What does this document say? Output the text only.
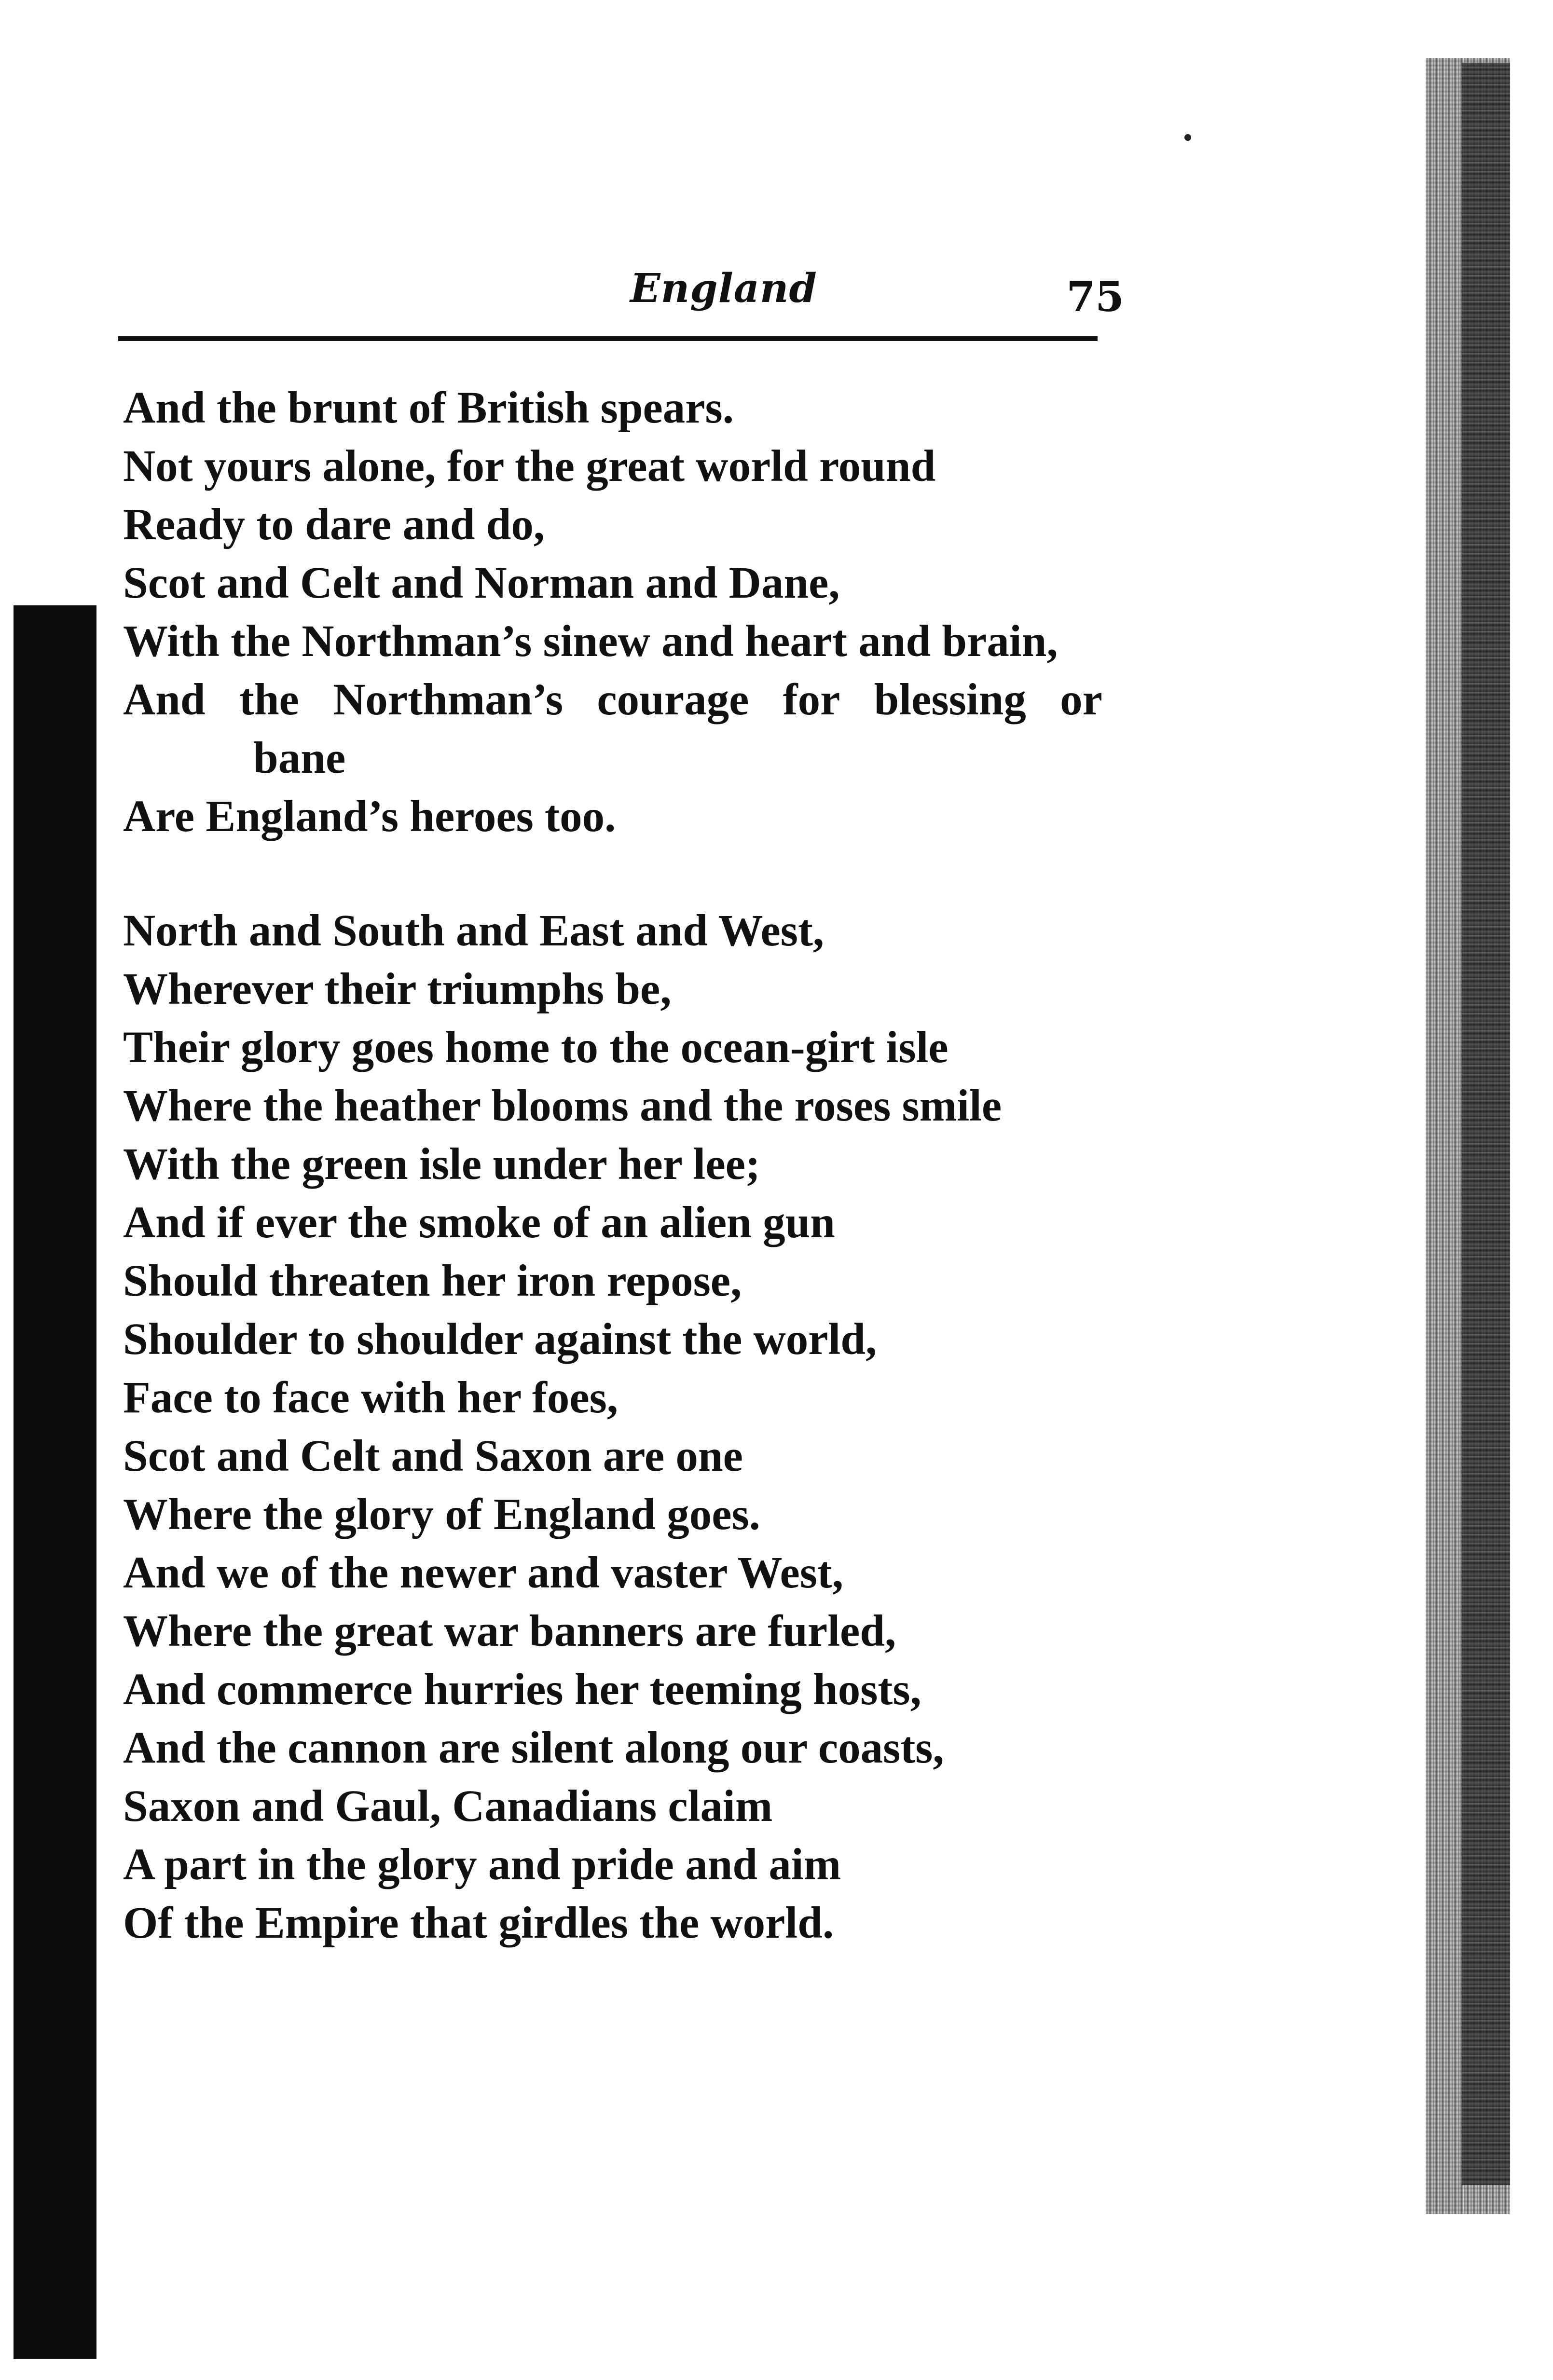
England	75
And the brunt of British spears.
Not yours alone, for the great world round
Ready to dare and do,
Scot and Celt and Norman and Dane,
With the Northman’s sinew and heart and brain,
And the Northman’s courage for blessing or
bane
Are England’s heroes too.
North and South and East and West,
Wherever their triumphs be,
Their glory goes home to the ocean-girt isle
Where the heather blooms and the roses smile
With the green isle under her lee;
And if ever the smoke of an alien gun
Should threaten her iron repose,
Shoulder to shoulder against the world,
Face to face with her foes,
Scot and Celt and Saxon are one
Where the glory of England goes.
And we of the newer and vaster West,
Where the great war banners are furled,
And commerce hurries her teeming hosts,
And the cannon are silent along our coasts,
Saxon and Gaul, Canadians claim
A part in the glory and pride and aim
Of the Empire that girdles the world.
